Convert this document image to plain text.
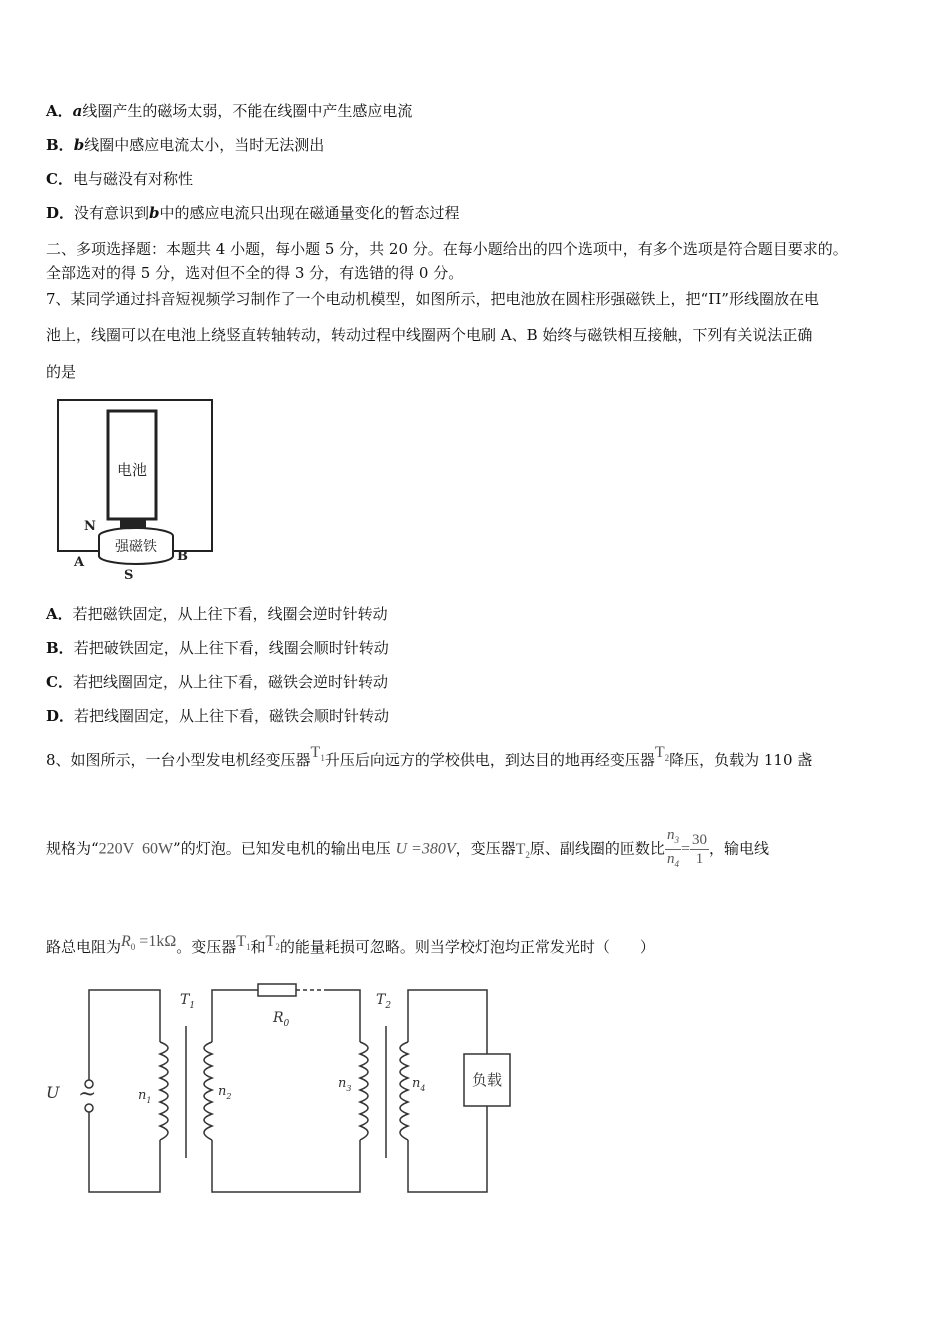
A．a线圈产生的磁场太弱，不能在线圈中产生感应电流
B．b线圈中感应电流太小，当时无法测出
C．电与磁没有对称性
D．没有意识到b中的感应电流只出现在磁通量变化的暂态过程
二、多项选择题：本题共 4 小题，每小题 5 分，共 20 分。在每小题给出的四个选项中，有多个选项是符合题目要求的。
全部选对的得 5 分，选对但不全的得 3 分，有选错的得 0 分。
7、某同学通过抖音短视频学习制作了一个电动机模型，如图所示，把电池放在圆柱形强磁铁上，把“Π”形线圈放在电
池上，线圈可以在电池上绕竖直转轴转动，转动过程中线圈两个电刷 A、B 始终与磁铁相互接触，下列有关说法正确
的是
电池
强磁铁
N
S
A	B
A．若把磁铁固定，从上往下看，线圈会逆时针转动
B．若把破铁固定，从上往下看，线圈会顺时针转动
C．若把线圈固定，从上往下看，磁铁会逆时针转动
D．若把线圈固定，从上往下看，磁铁会顺时针转动
8、如图所示，一台小型发电机经变压器$T_1$升压后向远方的学校供电，到达目的地再经变压器$T_2$降压，负载为 110 盏
规格为“220V  60W”的灯泡。已知发电机的输出电压 U =380V，变压器$T_2$原、副线圈的匝数比 $\frac{n_3}{n_4} = \frac{30}{1}$ ，输电线
路总电阻为$R_0 =1k\Omega$。变压器$T_1$和$T_2$的能量耗损可忽略。则当学校灯泡均正常发光时（　　）
$T_1$	$T_2$
$R_0$
U ~	$n_1$
$n_2$
$n_3$	$n_4$	负载
